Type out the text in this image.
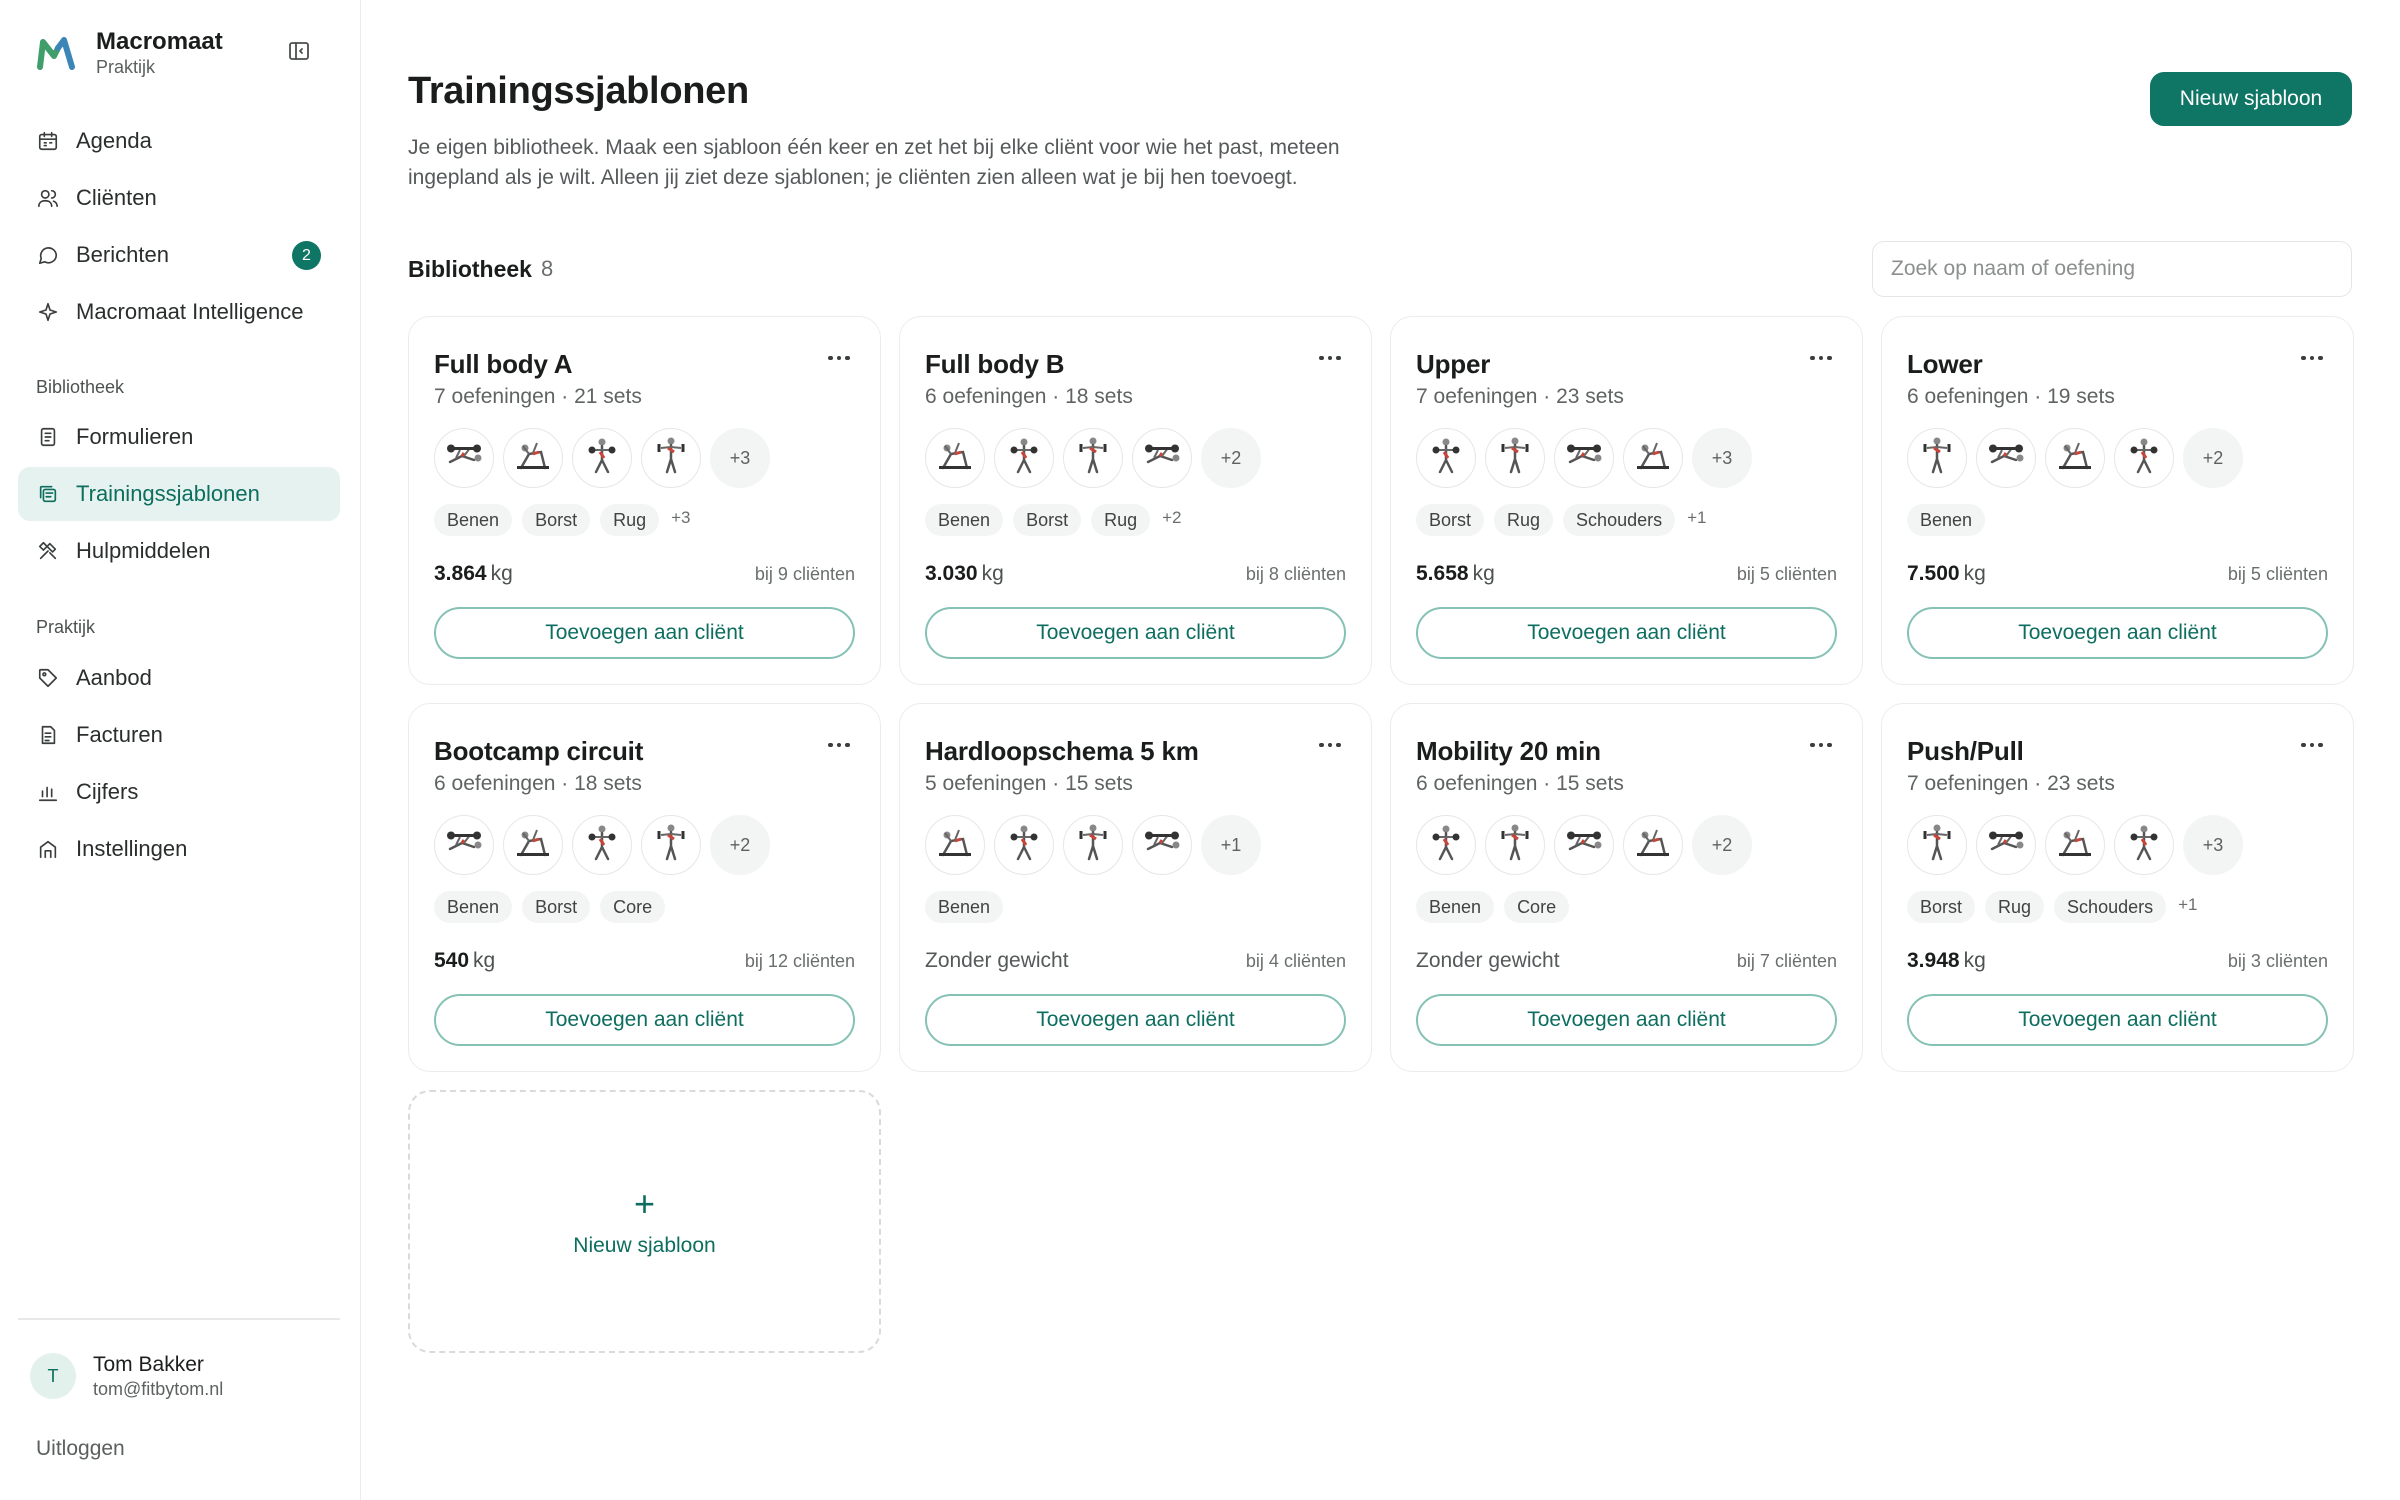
Macromaat
Praktijk
Agenda
Cliënten
Berichten	2
Macromaat Intelligence
Bibliotheek
Formulieren
Trainingssjablonen
Hulpmiddelen
Praktijk
Aanbod
Facturen
Cijfers
Instellingen
T	Tom Bakker
tom@fitbytom.nl
Uitloggen
Trainingssjablonen

Je eigen bibliotheek. Maak een sjabloon één keer en zet het bij elke cliënt voor wie het past, meteen ingepland als je wilt. Alleen jij ziet deze sjablonen; je cliënten zien alleen wat je bij hen toevoegt.

Nieuw sjabloon
Bibliotheek 8
Zoek op naam of oefening
Full body A
7 oefeningen · 21 sets
+3
Benen	Borst	Rug	+3
3.864 kg	bij 9 cliënten
Toevoegen aan cliënt
Full body B
6 oefeningen · 18 sets
+2
Benen	Borst	Rug	+2
3.030 kg	bij 8 cliënten
Toevoegen aan cliënt
Upper
7 oefeningen · 23 sets
+3
Borst	Rug	Schouders	+1
5.658 kg	bij 5 cliënten
Toevoegen aan cliënt
Lower
6 oefeningen · 19 sets
+2
Benen
7.500 kg	bij 5 cliënten
Toevoegen aan cliënt
Bootcamp circuit
6 oefeningen · 18 sets
+2
Benen	Borst	Core
540 kg	bij 12 cliënten
Toevoegen aan cliënt
Hardloopschema 5 km
5 oefeningen · 15 sets
+1
Benen
Zonder gewicht	bij 4 cliënten
Toevoegen aan cliënt
Mobility 20 min
6 oefeningen · 15 sets
+2
Benen	Core
Zonder gewicht	bij 7 cliënten
Toevoegen aan cliënt
Push/Pull
7 oefeningen · 23 sets
+3
Borst	Rug	Schouders	+1
3.948 kg	bij 3 cliënten
Toevoegen aan cliënt
+
Nieuw sjabloon
